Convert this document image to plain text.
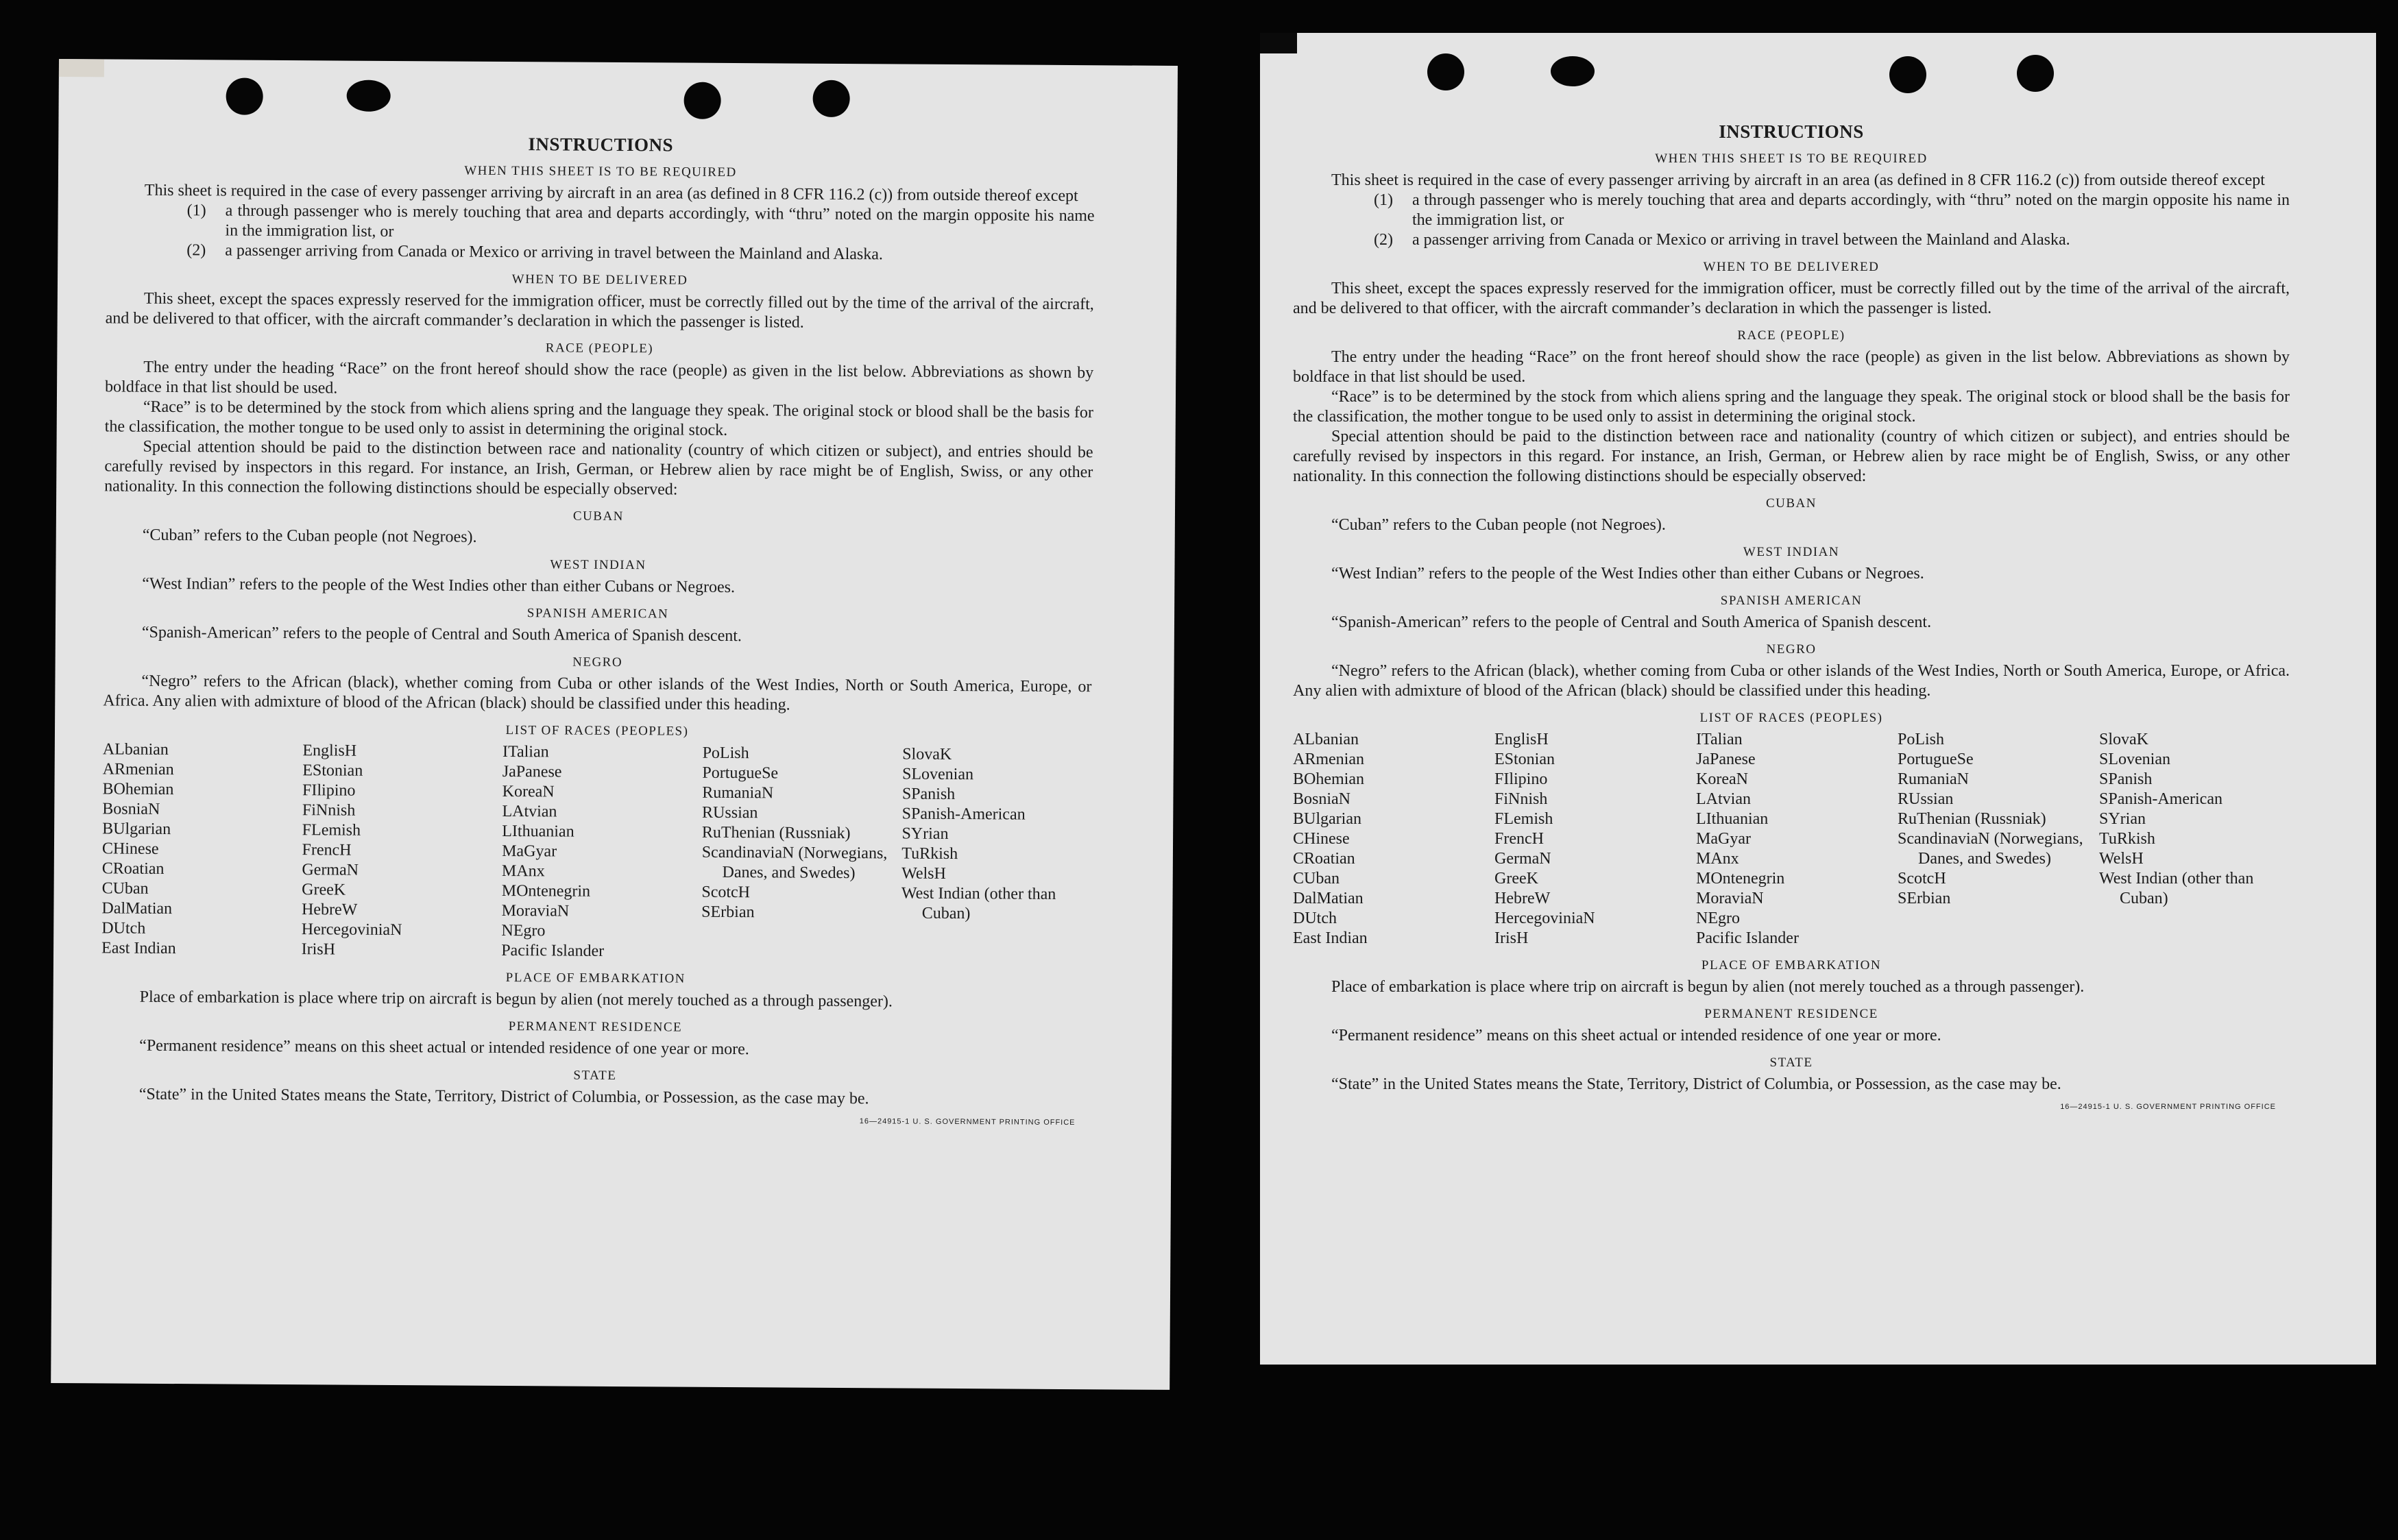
INSTRUCTIONS
WHEN THIS SHEET IS TO BE REQUIRED

This sheet is required in the case of every passenger arriving by aircraft in an area (as defined in 8 CFR 116.2 (c)) from outside thereof except

(1)	a through passenger who is merely touching that area and departs accordingly, with “thru” noted on the margin opposite his name in the immigration list, or
(2)	a passenger arriving from Canada or Mexico or arriving in travel between the Mainland and Alaska.
WHEN TO BE DELIVERED

This sheet, except the spaces expressly reserved for the immigration officer, must be correctly filled out by the time of the arrival of the aircraft, and be delivered to that officer, with the aircraft commander’s declaration in which the passenger is listed.

RACE (PEOPLE)

The entry under the heading “Race” on the front hereof should show the race (people) as given in the list below. Abbreviations as shown by boldface in that list should be used.

“Race” is to be determined by the stock from which aliens spring and the language they speak. The original stock or blood shall be the basis for the classification, the mother tongue to be used only to assist in determining the original stock.

Special attention should be paid to the distinction between race and nationality (country of which citizen or subject), and entries should be carefully revised by inspectors in this regard. For instance, an Irish, German, or Hebrew alien by race might be of English, Swiss, or any other nationality. In this connection the following distinctions should be especially observed:

CUBAN

“Cuban” refers to the Cuban people (not Negroes).

WEST INDIAN

“West Indian” refers to the people of the West Indies other than either Cubans or Negroes.

SPANISH AMERICAN

“Spanish-American” refers to the people of Central and South America of Spanish descent.

NEGRO

“Negro” refers to the African (black), whether coming from Cuba or other islands of the West Indies, North or South America, Europe, or Africa. Any alien with admixture of blood of the African (black) should be classified under this heading.

LIST OF RACES (PEOPLES)
ALbanian
ARmenian
BOhemian
BosniaN
BUlgarian
CHinese
CRoatian
CUban
DalMatian
DUtch
East Indian
EnglisH
EStonian
FIlipino
FiNnish
FLemish
FrencH
GermaN
GreeK
HebreW
HercegoviniaN
IrisH
ITalian
JaPanese
KoreaN
LAtvian
LIthuanian
MaGyar
MAnx
MOntenegrin
MoraviaN
NEgro
Pacific Islander
PoLish
PortugueSe
RumaniaN
RUssian
RuThenian (Russniak)
ScandinaviaN (Norwegians, Danes, and Swedes)
ScotcH
SErbian
SlovaK
SLovenian
SPanish
SPanish-American
SYrian
TuRkish
WelsH
West Indian (other than Cuban)
PLACE OF EMBARKATION

Place of embarkation is place where trip on aircraft is begun by alien (not merely touched as a through passenger).

PERMANENT RESIDENCE

“Permanent residence” means on this sheet actual or intended residence of one year or more.

STATE

“State” in the United States means the State, Territory, District of Columbia, or Possession, as the case may be.

16—24915-1 U. S. GOVERNMENT PRINTING OFFICE
INSTRUCTIONS
WHEN THIS SHEET IS TO BE REQUIRED

This sheet is required in the case of every passenger arriving by aircraft in an area (as defined in 8 CFR 116.2 (c)) from outside thereof except

(1)	a through passenger who is merely touching that area and departs accordingly, with “thru” noted on the margin opposite his name in the immigration list, or
(2)	a passenger arriving from Canada or Mexico or arriving in travel between the Mainland and Alaska.
WHEN TO BE DELIVERED

This sheet, except the spaces expressly reserved for the immigration officer, must be correctly filled out by the time of the arrival of the aircraft, and be delivered to that officer, with the aircraft commander’s declaration in which the passenger is listed.

RACE (PEOPLE)

The entry under the heading “Race” on the front hereof should show the race (people) as given in the list below. Abbreviations as shown by boldface in that list should be used.

“Race” is to be determined by the stock from which aliens spring and the language they speak. The original stock or blood shall be the basis for the classification, the mother tongue to be used only to assist in determining the original stock.

Special attention should be paid to the distinction between race and nationality (country of which citizen or subject), and entries should be carefully revised by inspectors in this regard. For instance, an Irish, German, or Hebrew alien by race might be of English, Swiss, or any other nationality. In this connection the following distinctions should be especially observed:

CUBAN

“Cuban” refers to the Cuban people (not Negroes).

WEST INDIAN

“West Indian” refers to the people of the West Indies other than either Cubans or Negroes.

SPANISH AMERICAN

“Spanish-American” refers to the people of Central and South America of Spanish descent.

NEGRO

“Negro” refers to the African (black), whether coming from Cuba or other islands of the West Indies, North or South America, Europe, or Africa. Any alien with admixture of blood of the African (black) should be classified under this heading.

LIST OF RACES (PEOPLES)
ALbanian
ARmenian
BOhemian
BosniaN
BUlgarian
CHinese
CRoatian
CUban
DalMatian
DUtch
East Indian
EnglisH
EStonian
FIlipino
FiNnish
FLemish
FrencH
GermaN
GreeK
HebreW
HercegoviniaN
IrisH
ITalian
JaPanese
KoreaN
LAtvian
LIthuanian
MaGyar
MAnx
MOntenegrin
MoraviaN
NEgro
Pacific Islander
PoLish
PortugueSe
RumaniaN
RUssian
RuThenian (Russniak)
ScandinaviaN (Norwegians, Danes, and Swedes)
ScotcH
SErbian
SlovaK
SLovenian
SPanish
SPanish-American
SYrian
TuRkish
WelsH
West Indian (other than Cuban)
PLACE OF EMBARKATION

Place of embarkation is place where trip on aircraft is begun by alien (not merely touched as a through passenger).

PERMANENT RESIDENCE

“Permanent residence” means on this sheet actual or intended residence of one year or more.

STATE

“State” in the United States means the State, Territory, District of Columbia, or Possession, as the case may be.

16—24915-1 U. S. GOVERNMENT PRINTING OFFICE
